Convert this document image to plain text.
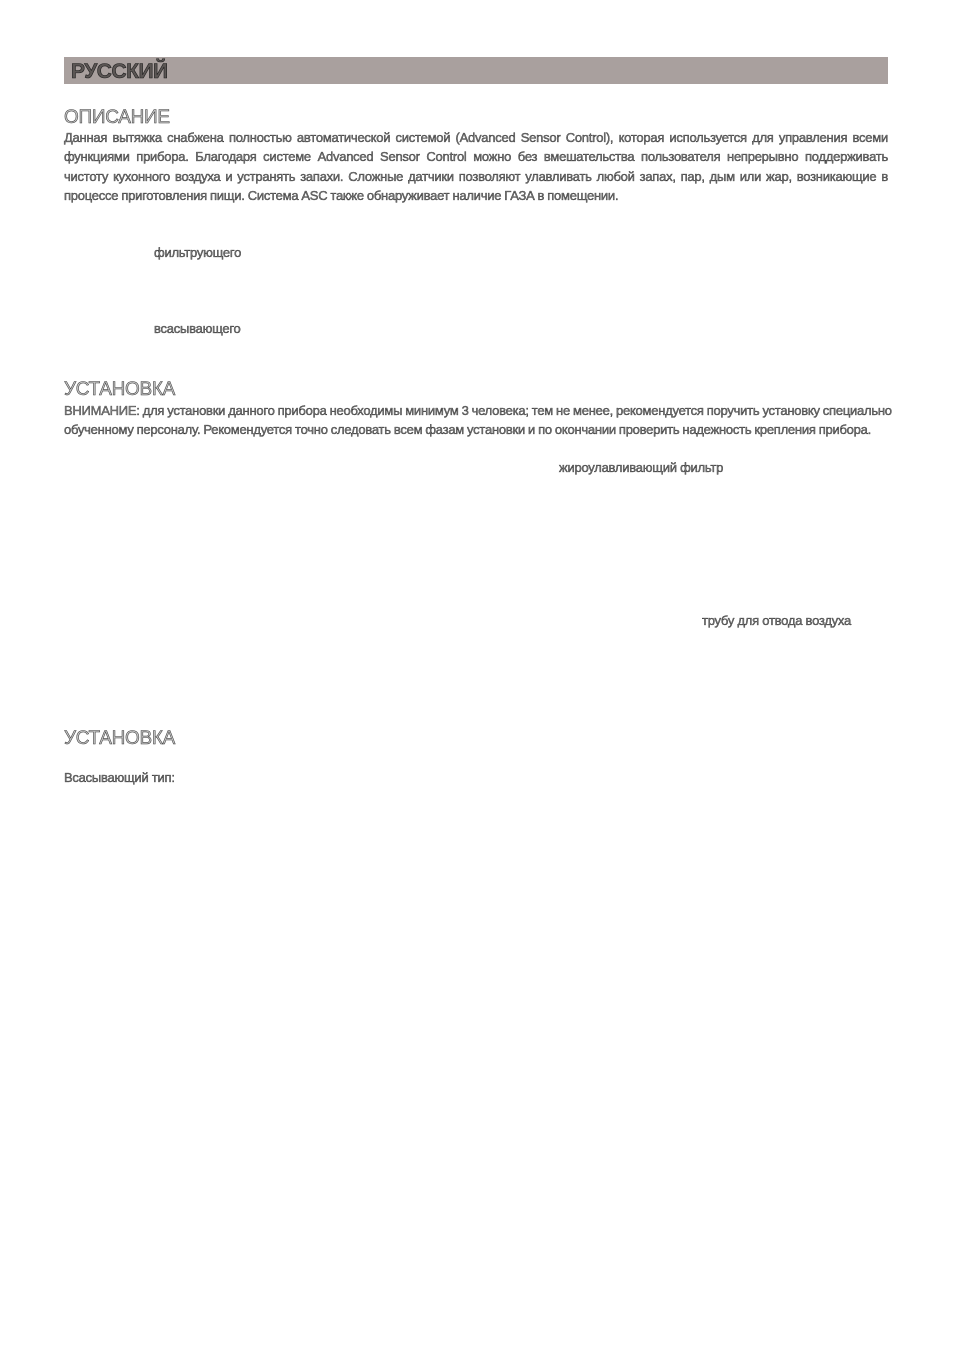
РУССКИЙ
ОПИСАНИЕ
Данная вытяжка снабжена полностью автоматической системой (Advanced Sensor Control), которая используется для управления всеми функциями прибора. Благодаря системе Advanced Sensor Control можно без вмешательства пользователя непрерывно поддерживать чистоту кухонного воздуха и устранять запахи. Сложные датчики позволяют улавливать любой запах, пар, дым или жар, возникающие в процессе приготовления пищи. Система ASC также обнаруживает наличие ГАЗА в помещении.
фильтрующего
всасывающего
УСТАНОВКА
ВНИМАНИЕ: для установки данного прибора необходимы минимум 3 человека; тем не менее, рекомендуется поручить установку специально обученному персоналу. Рекомендуется точно следовать всем фазам установки и по окончании проверить надежность крепления прибора.
жироулавливающий фильтр
трубу для отвода воздуха
УСТАНОВКА
Всасывающий тип:
